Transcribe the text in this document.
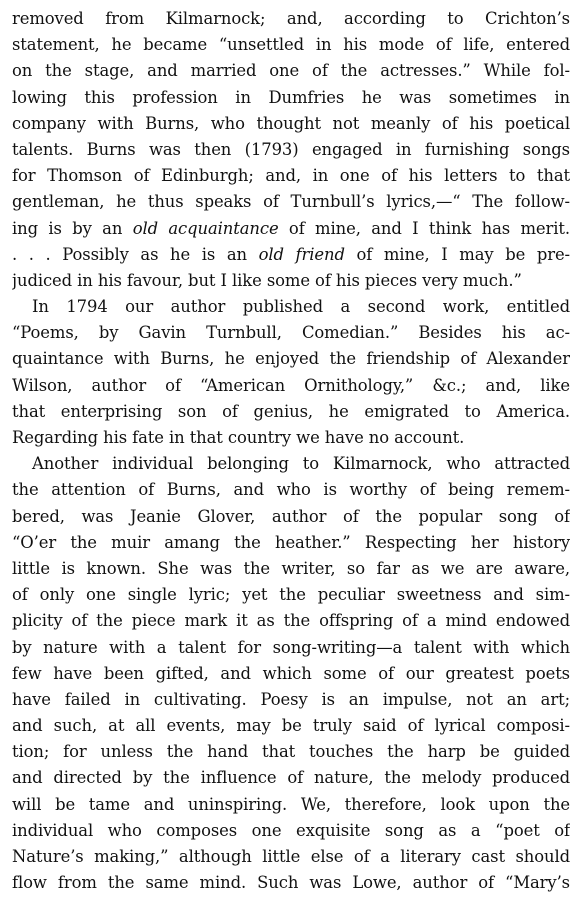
removed from Kilmarnock; and, according to Crichton’s
statement, he became “unsettled in his mode of life, entered
on the stage, and married one of the actresses.” While fol-
lowing this profession in Dumfries he was sometimes in
company with Burns, who thought not meanly of his poetical
talents. Burns was then (1793) engaged in furnishing songs
for Thomson of Edinburgh; and, in one of his letters to that
gentleman, he thus speaks of Turnbull’s lyrics,—“ The follow-
ing is by an old acquaintance of mine, and I think has merit.
. . . Possibly as he is an old friend of mine, I may be pre-
judiced in his favour, but I like some of his pieces very much.”
In 1794 our author published a second work, entitled
“Poems, by Gavin Turnbull, Comedian.” Besides his ac-
quaintance with Burns, he enjoyed the friendship of Alexander
Wilson, author of “American Ornithology,” &c.; and, like
that enterprising son of genius, he emigrated to America.
Regarding his fate in that country we have no account.
Another individual belonging to Kilmarnock, who attracted
the attention of Burns, and who is worthy of being remem-
bered, was Jeanie Glover, author of the popular song of
“O’er the muir amang the heather.” Respecting her history
little is known. She was the writer, so far as we are aware,
of only one single lyric; yet the peculiar sweetness and sim-
plicity of the piece mark it as the offspring of a mind endowed
by nature with a talent for song-writing—a talent with which
few have been gifted, and which some of our greatest poets
have failed in cultivating. Poesy is an impulse, not an art;
and such, at all events, may be truly said of lyrical composi-
tion; for unless the hand that touches the harp be guided
and directed by the influence of nature, the melody produced
will be tame and uninspiring. We, therefore, look upon the
individual who composes one exquisite song as a “poet of
Nature’s making,” although little else of a literary cast should
flow from the same mind. Such was Lowe, author of “Mary’s
